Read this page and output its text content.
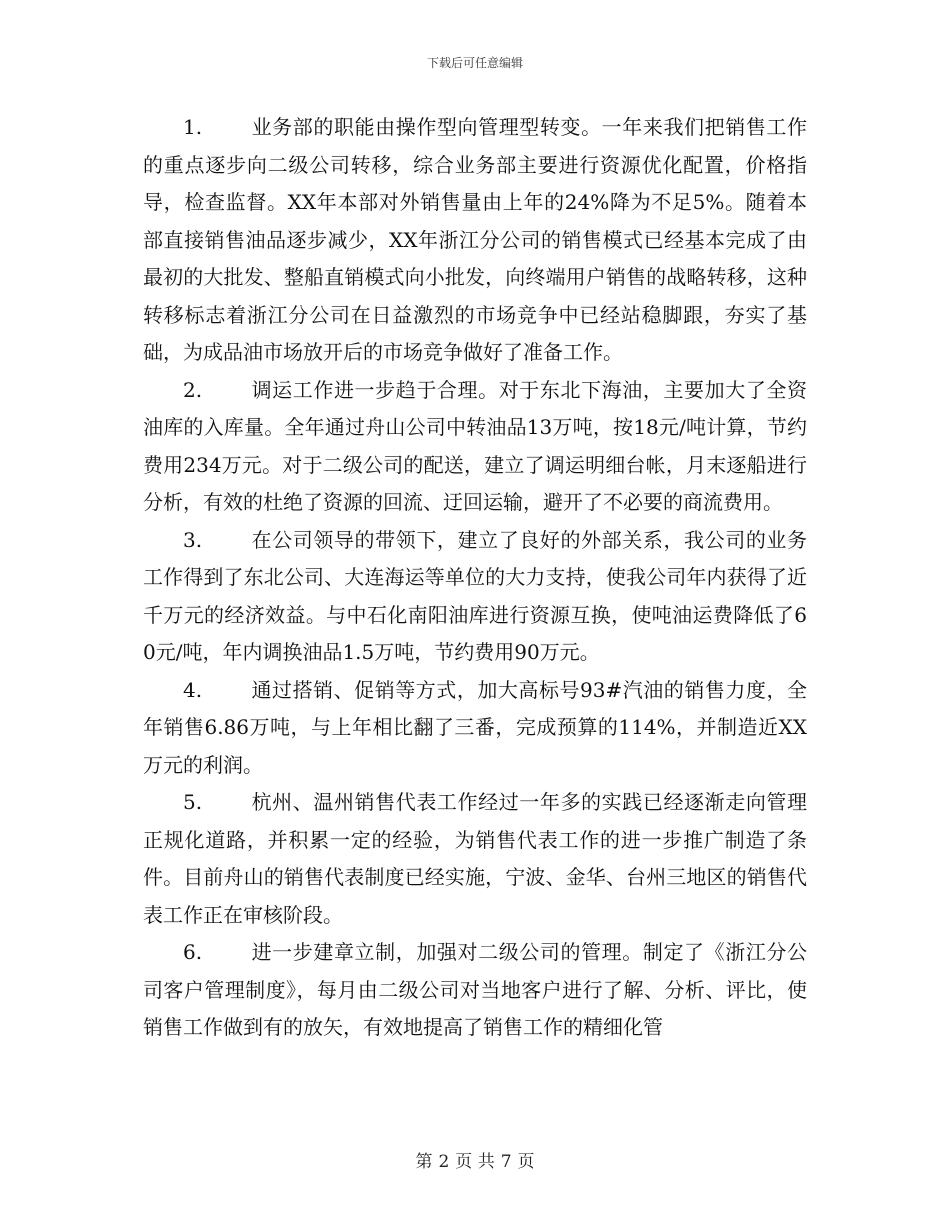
下载后可任意编辑

1. 业务部的职能由操作型向管理型转变。一年来我们把销售工作的重点逐步向二级公司转移，综合业务部主要进行资源优化配置，价格指导，检查监督。XX年本部对外销售量由上年的24%降为不足5%。随着本部直接销售油品逐步减少，XX年浙江分公司的销售模式已经基本完成了由最初的大批发、整船直销模式向小批发，向终端用户销售的战略转移，这种转移标志着浙江分公司在日益激烈的市场竞争中已经站稳脚跟，夯实了基础，为成品油市场放开后的市场竞争做好了准备工作。

2. 调运工作进一步趋于合理。对于东北下海油，主要加大了全资油库的入库量。全年通过舟山公司中转油品13万吨，按18元/吨计算，节约费用234万元。对于二级公司的配送，建立了调运明细台帐，月末逐船进行分析，有效的杜绝了资源的回流、迂回运输，避开了不必要的商流费用。

3. 在公司领导的带领下，建立了良好的外部关系，我公司的业务工作得到了东北公司、大连海运等单位的大力支持，使我公司年内获得了近千万元的经济效益。与中石化南阳油库进行资源互换，使吨油运费降低了60元/吨，年内调换油品1.5万吨，节约费用90万元。

4. 通过搭销、促销等方式，加大高标号93#汽油的销售力度，全年销售6.86万吨，与上年相比翻了三番，完成预算的114%，并制造近XX万元的利润。

5. 杭州、温州销售代表工作经过一年多的实践已经逐渐走向管理正规化道路，并积累一定的经验，为销售代表工作的进一步推广制造了条件。目前舟山的销售代表制度已经实施，宁波、金华、台州三地区的销售代表工作正在审核阶段。

6. 进一步建章立制，加强对二级公司的管理。制定了《浙江分公司客户管理制度》，每月由二级公司对当地客户进行了解、分析、评比，使销售工作做到有的放矢，有效地提高了销售工作的精细化管

第 2 页 共 7 页
